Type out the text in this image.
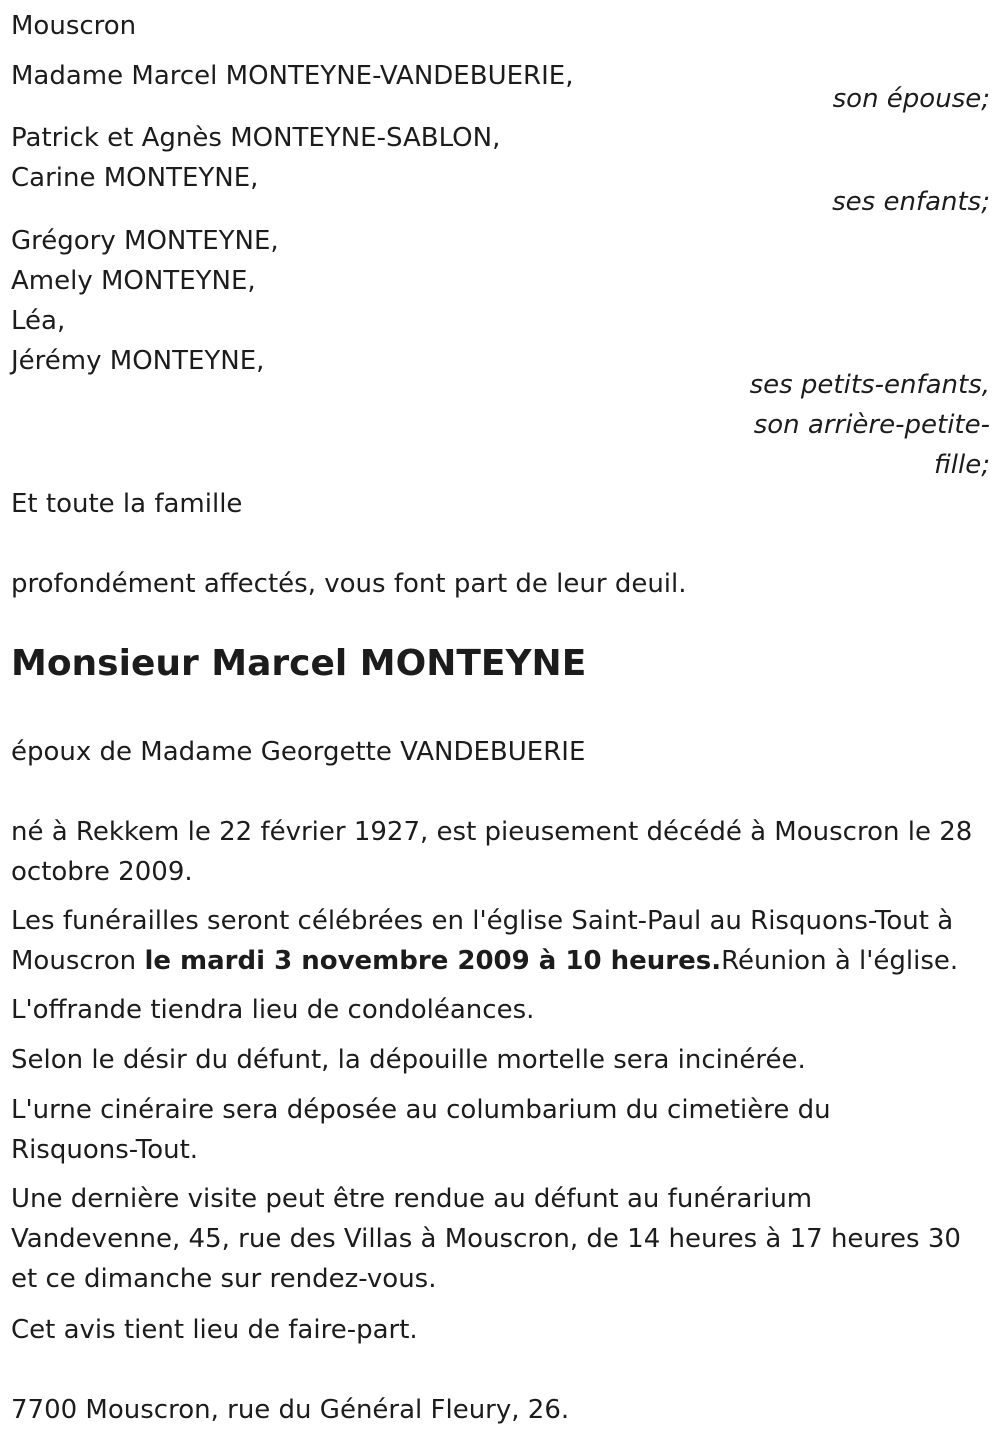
Mouscron
Madame Marcel MONTEYNE-VANDEBUERIE,
son épouse;
Patrick et Agnès MONTEYNE-SABLON,
Carine MONTEYNE,
ses enfants;
Grégory MONTEYNE,
Amely MONTEYNE,
Léa,
Jérémy MONTEYNE,
ses petits-enfants,
son arrière-petite-
fille;
Et toute la famille
profondément affectés, vous font part de leur deuil.
Monsieur Marcel MONTEYNE
époux de Madame Georgette VANDEBUERIE
né à Rekkem le 22 février 1927, est pieusement décédé à Mouscron le 28
octobre 2009.
Les funérailles seront célébrées en l'église Saint-Paul au Risquons-Tout à
Mouscron le mardi 3 novembre 2009 à 10 heures.Réunion à l'église.
L'offrande tiendra lieu de condoléances.
Selon le désir du défunt, la dépouille mortelle sera incinérée.
L'urne cinéraire sera déposée au columbarium du cimetière du
Risquons-Tout.
Une dernière visite peut être rendue au défunt au funérarium
Vandevenne, 45, rue des Villas à Mouscron, de 14 heures à 17 heures 30
et ce dimanche sur rendez-vous.
Cet avis tient lieu de faire-part.
7700 Mouscron, rue du Général Fleury, 26.
